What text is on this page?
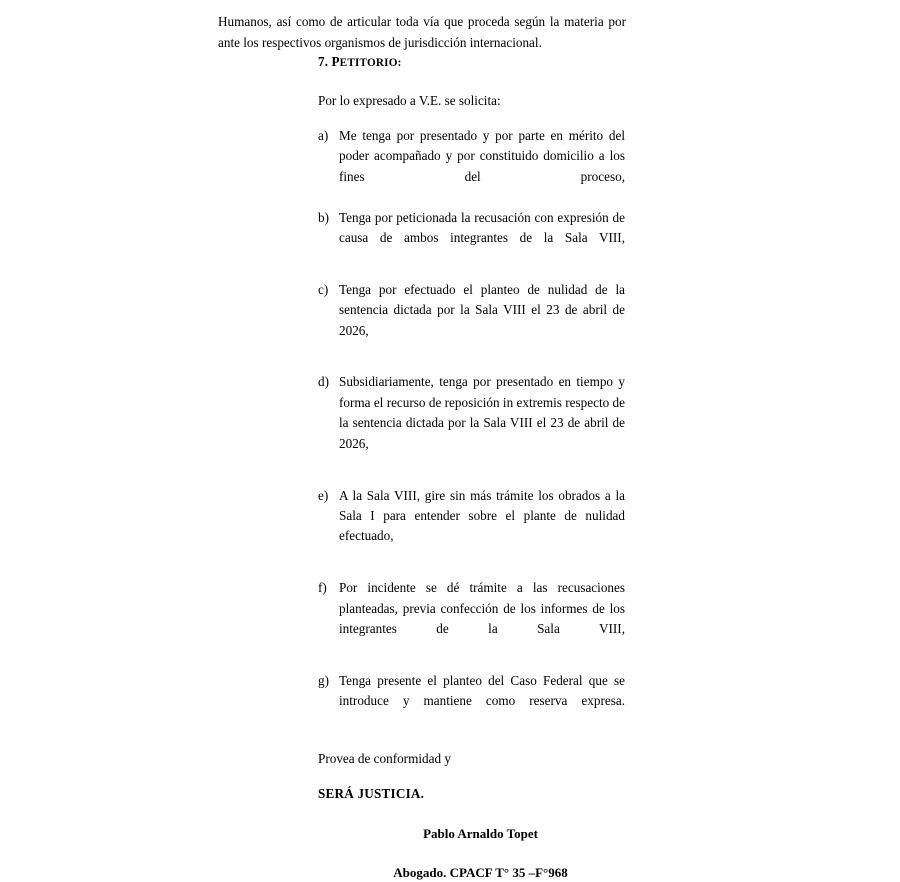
Humanos, así como de articular toda vía que proceda según la materia por ante los respectivos organismos de jurisdicción internacional.

7. PETITORIO:

Por lo expresado a V.E. se solicita:

a) Me tenga por presentado y por parte en mérito del poder acompañado y por constituido domicilio a los fines del proceso,
b) Tenga por peticionada la recusación con expresión de causa de ambos integrantes de la Sala VIII,
c) Tenga por efectuado el planteo de nulidad de la sentencia dictada por la Sala VIII el 23 de abril de 2026,
d) Subsidiariamente, tenga por presentado en tiempo y forma el recurso de reposición in extremis respecto de la sentencia dictada por la Sala VIII el 23 de abril de 2026,
e) A la Sala VIII, gire sin más trámite los obrados a la Sala I para entender sobre el plante de nulidad efectuado,
f) Por incidente se dé trámite a las recusaciones planteadas, previa confección de los informes de los integrantes de la Sala VIII,
g) Tenga presente el planteo del Caso Federal que se introduce y mantiene como reserva expresa.

Provea de conformidad y

SERÁ JUSTICIA.

Pablo Arnaldo Topet

Abogado. CPACF T° 35 –F°968
